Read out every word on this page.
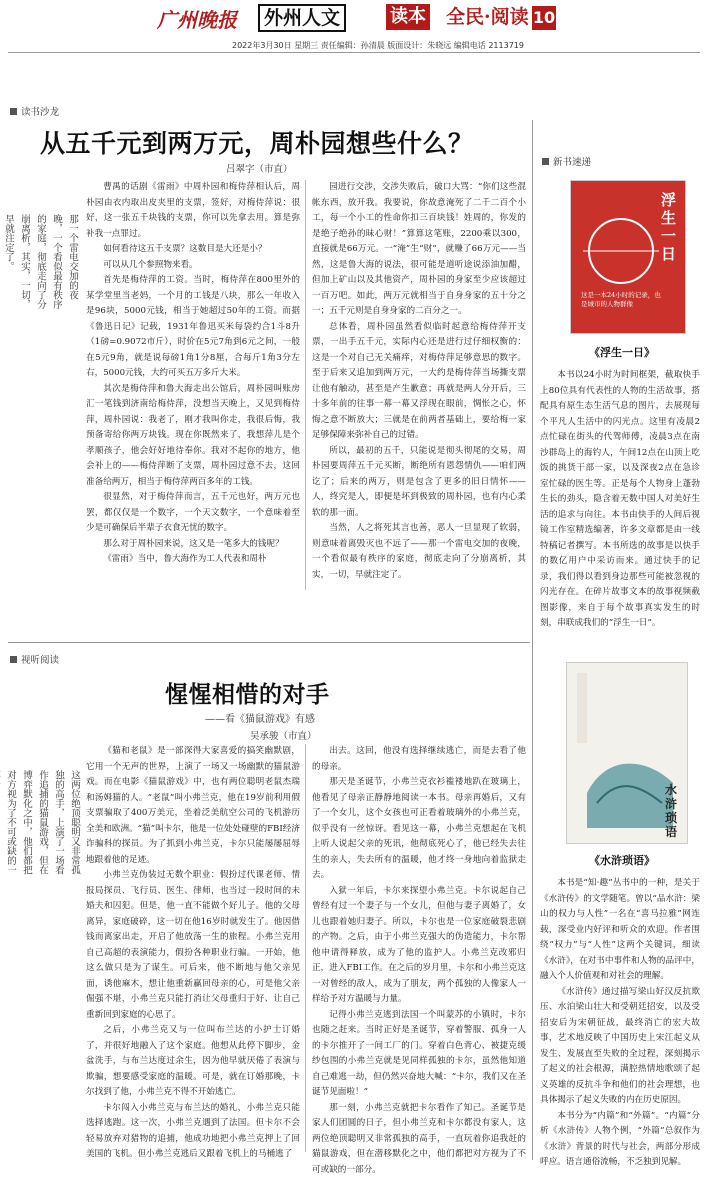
广州晚报	外州人文	读本 全民·阅读 10
2022年3月30日 星期三 责任编辑：孙清晨 版面设计：朱晓远 编辑电话 2113719
读书沙龙
从五千元到两万元，周朴园想些什么？
吕翠字（市直）
那一个雷电交加的夜晚，一个看似最有秩序的家庭，彻底走向了分崩离析，其实，一切，早就注定了。

曹禺的话剧《雷雨》中周朴园和梅侍萍相认后，周朴园由衣内取出皮夹里的支票，签好，对梅侍萍说：很好，这一张五千块钱的支票，你可以先拿去用。算是弥补我一点罪过。

如何看待这五千支票？这数目是大还是小？

可以从几个参照物来看。

首先是梅侍萍的工资。当时，梅侍萍在800里外的某学堂里当老妈，一个月的工钱是八块，那么一年收入是96块，5000元钱，相当于她超过50年的工资。而据《鲁迅日记》记载，1931年鲁迅买米每袋约合1斗8升（1磅=0.9072市斤），时价在5元7角到6元之间，一般在5元9角，就是说每磅1角1分8厘，合每斤1角3分左右，5000元钱，大约可买五万多斤大米。

其次是梅侍萍和鲁大海走出公馆后，周朴园叫账房汇一笔钱到济南给梅侍萍，没想当天晚上，又见到梅侍萍，周朴园说：我老了，刚才我叫你走，我很后悔，我预备寄给你两万块钱。现在你既然来了，我想萍儿是个孝顺孩子，他会好好地待奉你。我对不起你的地方，他会补上的——梅侍萍断了支票，周朴园过意不去，这回准备给两万，相当于梅侍萍两百多年的工钱。

很显然，对于梅侍萍而言，五千元也好，两万元也罢，都仅仅是一个数字，一个天文数字，一个意味着至少是可确保后半辈子衣食无忧的数字。

那么对于周朴园来说，这又是一笔多大的钱呢？

《雷雨》当中，鲁大海作为工人代表和周朴

园进行交涉，交涉失败后，破口大骂：“你们这些混帐东西，放开我。我要说，你故意淹死了二千二百个小工，每一个小工的性命你扣三百块钱！姓周的，你发的是绝子绝孙的昧心财！”算算这笔账，2200乘以300，直接就是66万元。一“淹”生“财”，就赚了66万元——当然，这是鲁大海的说法，很可能是道听途说添油加醋，但加上矿山以及其他资产，周朴园的身家至少应该超过一百万吧。如此，两万元就相当于自身身家的五十分之一；五千元则是自身身家的二百分之一。

总体看，周朴园虽然看似临时起意给梅侍萍开支票，一出手五千元，实际内心还是进行过仔细权衡的：这是一个对自己无关痛痒，对梅侍萍足够意思的数字。至于后来又追加到两万元，一大约是梅侍萍当场撕支票让他有触动，甚至是产生歉意；再就是两人分开后，三十多年前的往事一幕一幕又浮现在眼前，惆怅之心，怀悔之意不断放大；三就是在前两者基础上，要给梅一家足够保障来弥补自己的过错。

所以，最初的五千，只能说是彻头彻尾的交易，周朴园要周萍五千元买断，断绝所有恩怨情仇——咱们两讫了；后来的两万，则是包含了更多的旧日情怀——人，终究是人，即便是坏到极致的周朴园，也有内心柔软的那一面。

当然，人之将死其言也善，恶人一旦显现了软弱，则意味着离毁灭也不远了——那一个雷电交加的夜晚，一个看似最有秩序的家庭，彻底走向了分崩离析，其实，一切，早就注定了。

视听阅读
惺惺相惜的对手
——看《猫鼠游戏》有感
吴承骏（市直）
这两位绝顶聪明又非常孤独的高手，上演了一场看作追捕的猫鼠游戏，但在博弈默化之中，他们都把对方视为了不可或缺的一

《猫和老鼠》是一部深得大家喜爱的搞笑幽默剧，它用一个无声的世界，上演了一场又一场幽默的猫鼠游戏。而在电影《猫鼠游戏》中，也有两位聪明老鼠杰瑞和汤姆猫的人。“老鼠”叫小弗兰克，他在19岁前利用假支票骗取了400万美元，坐着泛美航空公司的飞机游历全美和欧洲。“猫”叫卡尔，他是一位处处碰壁的FBI经济诈骗科的探员。为了抓到小弗兰克，卡尔只能屡屡屈辱地跟着他的足迹。

小弗兰克伪装过无数个职业：假扮过代课老师、情报局探员、飞行员、医生、律师，也当过一段时间的未婚夫和囚犯。但是，他一直不能做个好儿子。他的父母离异，家庭破碎，这一切在他16岁时就发生了。他因借钱而离家出走，开启了他放荡一生的旅程。小弗兰克用自己高超的表演能力，假扮各种职业行骗。一开始，他这么做只是为了谋生。可后来，他不断地与他父亲见面，诱他麻木，想让他重新赢回母亲的心，可是他父亲倔强不堪，小弗兰克只能打消让父母重归于好、让自己重新回到家庭的心思了。

之后，小弗兰克又与一位叫布兰达的小护士订婚了，并很好地融入了这个家庭。他想从此停下脚步，金盆洗手，与布兰达度过余生，因为他早就厌倦了表演与欺骗，想要感受家庭的温暖。可是，就在订婚那晚，卡尔找到了他，小弗兰克不得不开始逃亡。

卡尔闯入小弗兰克与布兰达的婚礼，小弗兰克只能选择逃跑。这一次，小弗兰克遇到了法国。但卡尔不会轻易放弃对猎物的追捕，他成功地把小弗兰克押上了回美国的飞机。但小弗兰克逃后又跟着飞机上的马桶逃了

出去。这回，他没有选择继续逃亡，而是去看了他的母亲。

那天是圣诞节，小弗兰克衣衫褴褛地趴在玻璃上，他看见了母亲正静静地阅读一本书。母亲再婚后，又有了一个女儿，这个女孩也可正看着玻璃外的小弗兰克，似乎没有一丝惊讶。看见这一幕，小弗兰克想起在飞机上听人说起父亲的死讯，他彻底死心了，他已经失去往生的亲人，失去所有的温暖，他才终一身地向着监狱走去。

入狱一年后，卡尔来探望小弗兰克。卡尔说起自己曾经有过一个妻子与一个女儿，但他与妻子离婚了，女儿也跟着她归妻子。所以，卡尔也是一位家庭破裂悲剧的产物。之后，由于小弗兰克强大的伪造能力，卡尔帮他申请得释放，成为了他的监护人。小弗兰克改邪归正，进入FBI工作。在之后的岁月里，卡尔和小弗兰克这一对曾经的敌人，成为了朋友，两个孤独的人像家人一样给予对方温暖与力量。

记得小弗兰克逃到法国一个叫蒙苏的小镇时，卡尔也随之赶来。当时正好是圣诞节，穿着警服、孤身一人的卡尔推开了一间工厂的门。穿着白色背心、被捷克缓纱包围的小弗兰克就是见同样孤独的卡尔，虽然他知道自己难逃一劫，但仍然兴奋地大喊：“卡尔，我们又在圣诞节见面啦！”

那一刻，小弗兰克就把卡尔看作了知己。圣诞节是家人们团圆的日子，但小弗兰克和卡尔都没有家人，这两位绝顶聪明又非常孤独的高手，一直玩着你追我赶的猫鼠游戏，但在潜移默化之中，他们都把对方视为了不可或缺的一部分。

新书速递
浮生一日
这是一本24小时的记录，也是城市的人物群像
《浮生一日》

本书以24小时为时间框架，截取快手上80位具有代表性的人物的生活故事，搭配具有原生态生活气息的图片，去展现每个平凡人生活中的闪光点。这里有凌晨2点忙碌在街头的代驾师傅，凌晨3点在南沙群岛上的海钓人，午间12点在山顶上吃饭的挑货干部一家，以及深夜2点在急诊室忙碌的医生等。正是每个人物身上蓬勃生长的劲头，隐含着无数中国人对美好生活的追求与向往。本书由快手的人间后视镜工作室精选编著，许多文章都是由一线特稿记者撰写。本书所选的故事是以快手的数亿用户中采访而来。通过快手的记录，我们得以看到身边那些可能被忽视的闪光存在。在碎片故事文本的故事视频截图影像，来自于每个故事真实发生的时刻，串联成我们的“浮生一日”。

水浒琐语
《水浒琐语》

本书是“知·趣”丛书中的一种，是关于《水浒传》的文学随笔。曾以“品水浒：梁山的权力与人性”一名在“喜马拉雅”网连载，深受业内好评和听众的欢迎。作者围绕“权力”与“人性”这两个关键词，细读《水浒》，在对书中事件和人物的品评中，融入个人价值观和对社会的理解。

《水浒传》通过描写梁山好汉反抗欺压、水泊梁山壮大和受朝廷招安，以及受招安后为宋朝征战，最终消亡的宏大故事，艺术地反映了中国历史上宋江起义从发生、发展直至失败的全过程，深刻揭示了起义的社会根源，满腔热情地歌颂了起义英雄的反抗斗争和他们的社会理想，也具体揭示了起义失败的内在历史原因。

本书分为“内篇”和“外篇”。“内篇”分析《水浒传》人物个例，“外篇”总叙作为《水浒》背景的时代与社会，两部分形成呼应。语言通俗流畅，不乏独到见解。
